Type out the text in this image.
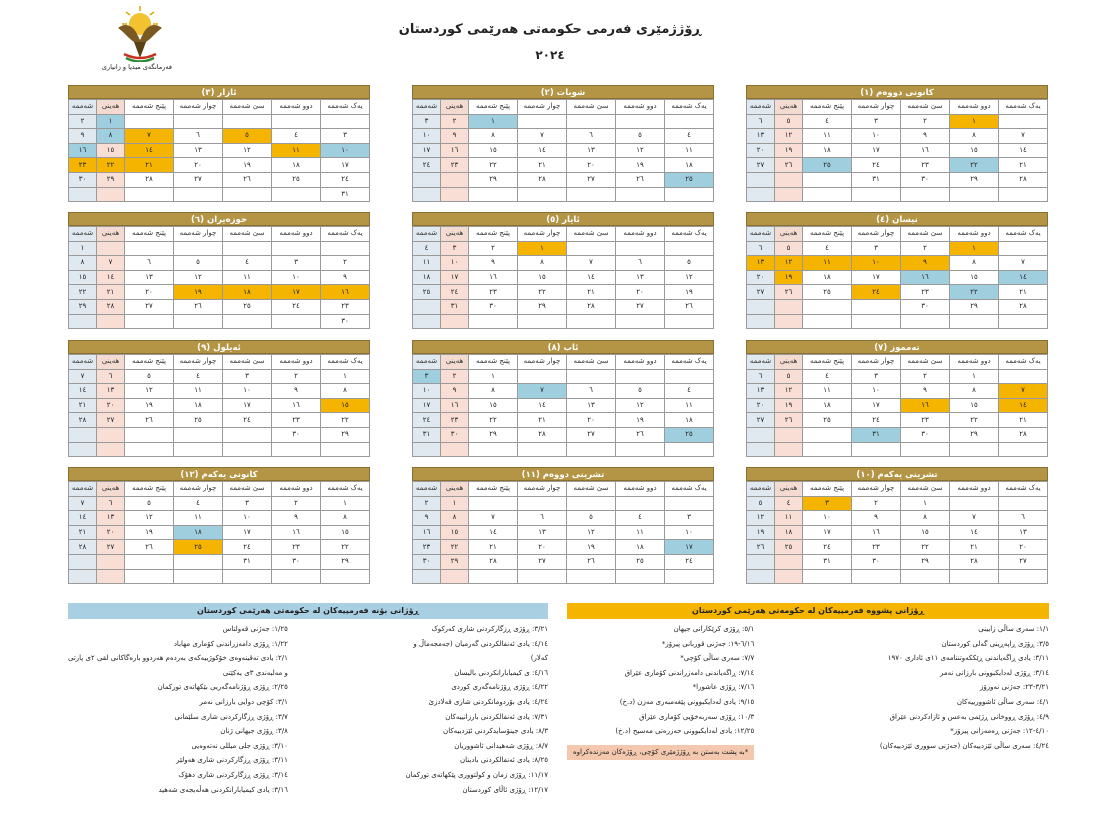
فەرمانگەی میدیا و زانیاری
ڕۆژژمێری فەرمی حکومەتی هەرێمی کوردستان
٢٠٢٤
کانونی دووەم (١)
یەک شەممە	دوو شەممە	سێ شەممە	چوار شەممە	پێنج شەممە	هەینی	شەممە
	١	٢	٣	٤	٥	٦
٧	٨	٩	١٠	١١	١٢	١٣
١٤	١٥	١٦	١٧	١٨	١٩	٢٠
٢١	٢٢	٢٣	٢٤	٢٥	٢٦	٢٧
٢٨	٢٩	٣٠	٣١			

شوبات (٢)
یەک شەممە	دوو شەممە	سێ شەممە	چوار شەممە	پێنج شەممە	هەینی	شەممە
				١	٢	٣
٤	٥	٦	٧	٨	٩	١٠
١١	١٢	١٣	١٤	١٥	١٦	١٧
١٨	١٩	٢٠	٢١	٢٢	٢٣	٢٤
٢٥	٢٦	٢٧	٢٨	٢٩		

ئازار (٣)
یەک شەممە	دوو شەممە	سێ شەممە	چوار شەممە	پێنج شەممە	هەینی	شەممە
					١	٢
٣	٤	٥	٦	٧	٨	٩
١٠	١١	١٢	١٣	١٤	١٥	١٦
١٧	١٨	١٩	٢٠	٢١	٢٢	٢٣
٢٤	٢٥	٢٦	٢٧	٢٨	٢٩	٣٠
٣١						
نیسان (٤)
یەک شەممە	دوو شەممە	سێ شەممە	چوار شەممە	پێنج شەممە	هەینی	شەممە
	١	٢	٣	٤	٥	٦
٧	٨	٩	١٠	١١	١٢	١٣
١٤	١٥	١٦	١٧	١٨	١٩	٢٠
٢١	٢٢	٢٣	٢٤	٢٥	٢٦	٢٧
٢٨	٢٩	٣٠				

ئایار (٥)
یەک شەممە	دوو شەممە	سێ شەممە	چوار شەممە	پێنج شەممە	هەینی	شەممە
			١	٢	٣	٤
٥	٦	٧	٨	٩	١٠	١١
١٢	١٣	١٤	١٥	١٦	١٧	١٨
١٩	٢٠	٢١	٢٢	٢٣	٢٤	٢٥
٢٦	٢٧	٢٨	٢٩	٣٠	٣١	

حوزەیران (٦)
یەک شەممە	دوو شەممە	سێ شەممە	چوار شەممە	پێنج شەممە	هەینی	شەممە
						١
٢	٣	٤	٥	٦	٧	٨
٩	١٠	١١	١٢	١٣	١٤	١٥
١٦	١٧	١٨	١٩	٢٠	٢١	٢٢
٢٣	٢٤	٢٥	٢٦	٢٧	٢٨	٢٩
٣٠						
تەمموز (٧)
یەک شەممە	دوو شەممە	سێ شەممە	چوار شەممە	پێنج شەممە	هەینی	شەممە
	١	٢	٣	٤	٥	٦
٧	٨	٩	١٠	١١	١٢	١٣
١٤	١٥	١٦	١٧	١٨	١٩	٢٠
٢١	٢٢	٢٣	٢٤	٢٥	٢٦	٢٧
٢٨	٢٩	٣٠	٣١			

ئاب (٨)
یەک شەممە	دوو شەممە	سێ شەممە	چوار شەممە	پێنج شەممە	هەینی	شەممە
				١	٢	٣
٤	٥	٦	٧	٨	٩	١٠
١١	١٢	١٣	١٤	١٥	١٦	١٧
١٨	١٩	٢٠	٢١	٢٢	٢٣	٢٤
٢٥	٢٦	٢٧	٢٨	٢٩	٣٠	٣١

ئەیلول (٩)
یەک شەممە	دوو شەممە	سێ شەممە	چوار شەممە	پێنج شەممە	هەینی	شەممە
١	٢	٣	٤	٥	٦	٧
٨	٩	١٠	١١	١٢	١٣	١٤
١٥	١٦	١٧	١٨	١٩	٢٠	٢١
٢٢	٢٣	٢٤	٢٥	٢٦	٢٧	٢٨
٢٩	٣٠					

تشرینی یەکەم (١٠)
یەک شەممە	دوو شەممە	سێ شەممە	چوار شەممە	پێنج شەممە	هەینی	شەممە
		١	٢	٣	٤	٥
٦	٧	٨	٩	١٠	١١	١٢
١٣	١٤	١٥	١٦	١٧	١٨	١٩
٢٠	٢١	٢٢	٢٣	٢٤	٢٥	٢٦
٢٧	٢٨	٢٩	٣٠	٣١		

تشرینی دووەم (١١)
یەک شەممە	دوو شەممە	سێ شەممە	چوار شەممە	پێنج شەممە	هەینی	شەممە
					١	٢
٣	٤	٥	٦	٧	٨	٩
١٠	١١	١٢	١٣	١٤	١٥	١٦
١٧	١٨	١٩	٢٠	٢١	٢٢	٢٣
٢٤	٢٥	٢٦	٢٧	٢٨	٢٩	٣٠

کانونی یەکەم (١٢)
یەک شەممە	دوو شەممە	سێ شەممە	چوار شەممە	پێنج شەممە	هەینی	شەممە
١	٢	٣	٤	٥	٦	٧
٨	٩	١٠	١١	١٢	١٣	١٤
١٥	١٦	١٧	١٨	١٩	٢٠	٢١
٢٢	٢٣	٢٤	٢٥	٢٦	٢٧	٢٨
٢٩	٣٠	٣١				

ڕۆژانی بۆنە فەرمییەکان لە حکومەتی هەرێمی کوردستان
٣/٢١: ڕۆژی ڕزگارکردنی شاری کەرکوک
٤/١٤: یادی ئەنفالکردنی گەرمیان (جەمجەماڵ و
کەلار)
٤/١٦: ی کیمیابارانکردنی بالیسان
٤/٢٢: ڕۆژی ڕۆژنامەگەری کوردی
٤/٢٤: یادی بۆردومانکردنی شاری قەلادزێ
٧/٣١: یادی ئەنفالکردنی بارزانییەکان
٨/٣: یادی جینۆسایدکردنی ئێزدییەکان
٨/٧: ڕۆژی شەهیدانی ئاشووریان
٨/٢٥: یادی ئەنفالکردنی بادینان
١١/١٧: ڕۆژی زمان و کولتووری پێکهاتەی تورکمان
١٢/١٧: ڕۆژی ئاڵای کوردستان
١/٢٥: جەژنی قەولتاس
١/٢٢: ڕۆژی دامەزراندنی کۆماری مهاباد
٢/١: یادی تەقینەوەی خۆکوژییەکەی بەردەم هەردوو بارەگاکانی لقی ٢ی پارتی
و مەلبەندی ٣ی یەکێتی
٢/٢٥: ڕۆژی ڕۆژنامەگەریی بێکهاتەی تورکمان
٣/١: کۆچی دوایی بارزانی نەمر
٣/٧: ڕۆژی ڕزگارکردنی شاری سلێمانی
٣/٨: ڕۆژی جیهانی ژنان
٣/١٠: ڕۆژی جلی میللی نەتەوەیی
٣/١١: ڕۆژی ڕزگارکردنی شاری هەولێر
٣/١٤: ڕۆژی ڕزگارکردنی شاری دهۆک
٣/١٦: یادی کیمیابارانکردنی هەڵەبجەی شەهید
ڕۆژانی پشووە فەرمییەکان لە حکومەتی هەرێمی کوردستان
١/١: سەری ساڵی زایینی
٣/٥: ڕۆژی ڕاپەڕینی گەلی کوردستان
٣/١١: یادی ڕاگەیاندنی ڕێککەوتننامەی ١١ی ئاداری ١٩٧٠
٣/١٤: ڕۆژی لەدایکبوونی بارزانی نەمر
٣/٢١-٢٣: جەژنی نەورۆز
٤/١: سەری ساڵی ئاشوورییەکان
٤/٩: ڕۆژی ڕووخانی ڕژێمی بەعس و ئازادکردنی عێراق
٤/١٠-١٢: جەژنی ڕەمەزانی پیرۆز*
٤/٢٤: سەری ساڵی ئێزدییەکان (جەژنی سووری ئێزدییەکان)
٥/١: ڕۆژی کرێکارانی جیهان
٦/١٦-١٩: جەژنی قوربانی پیرۆز*
٧/٧: سەری ساڵی کۆچی*
٧/١٤: ڕاگەیاندنی دامەزراندنی کۆماری عێراق
٧/١٦: ڕۆژی عاشورا*
٩/١٥: یادی لەدایکبوونی پێغەمبەری مەزن (د.خ)
١٠/٣: ڕۆژی سەربەخۆیی کۆماری عێراق
١٢/٢٥: یادی لەدایکبوونی حەزرەتی مەسیح (د.خ)
*بە پشت بەستن بە ڕۆژژمێری کۆچی، ڕۆژەکان مەزندەکراوە
